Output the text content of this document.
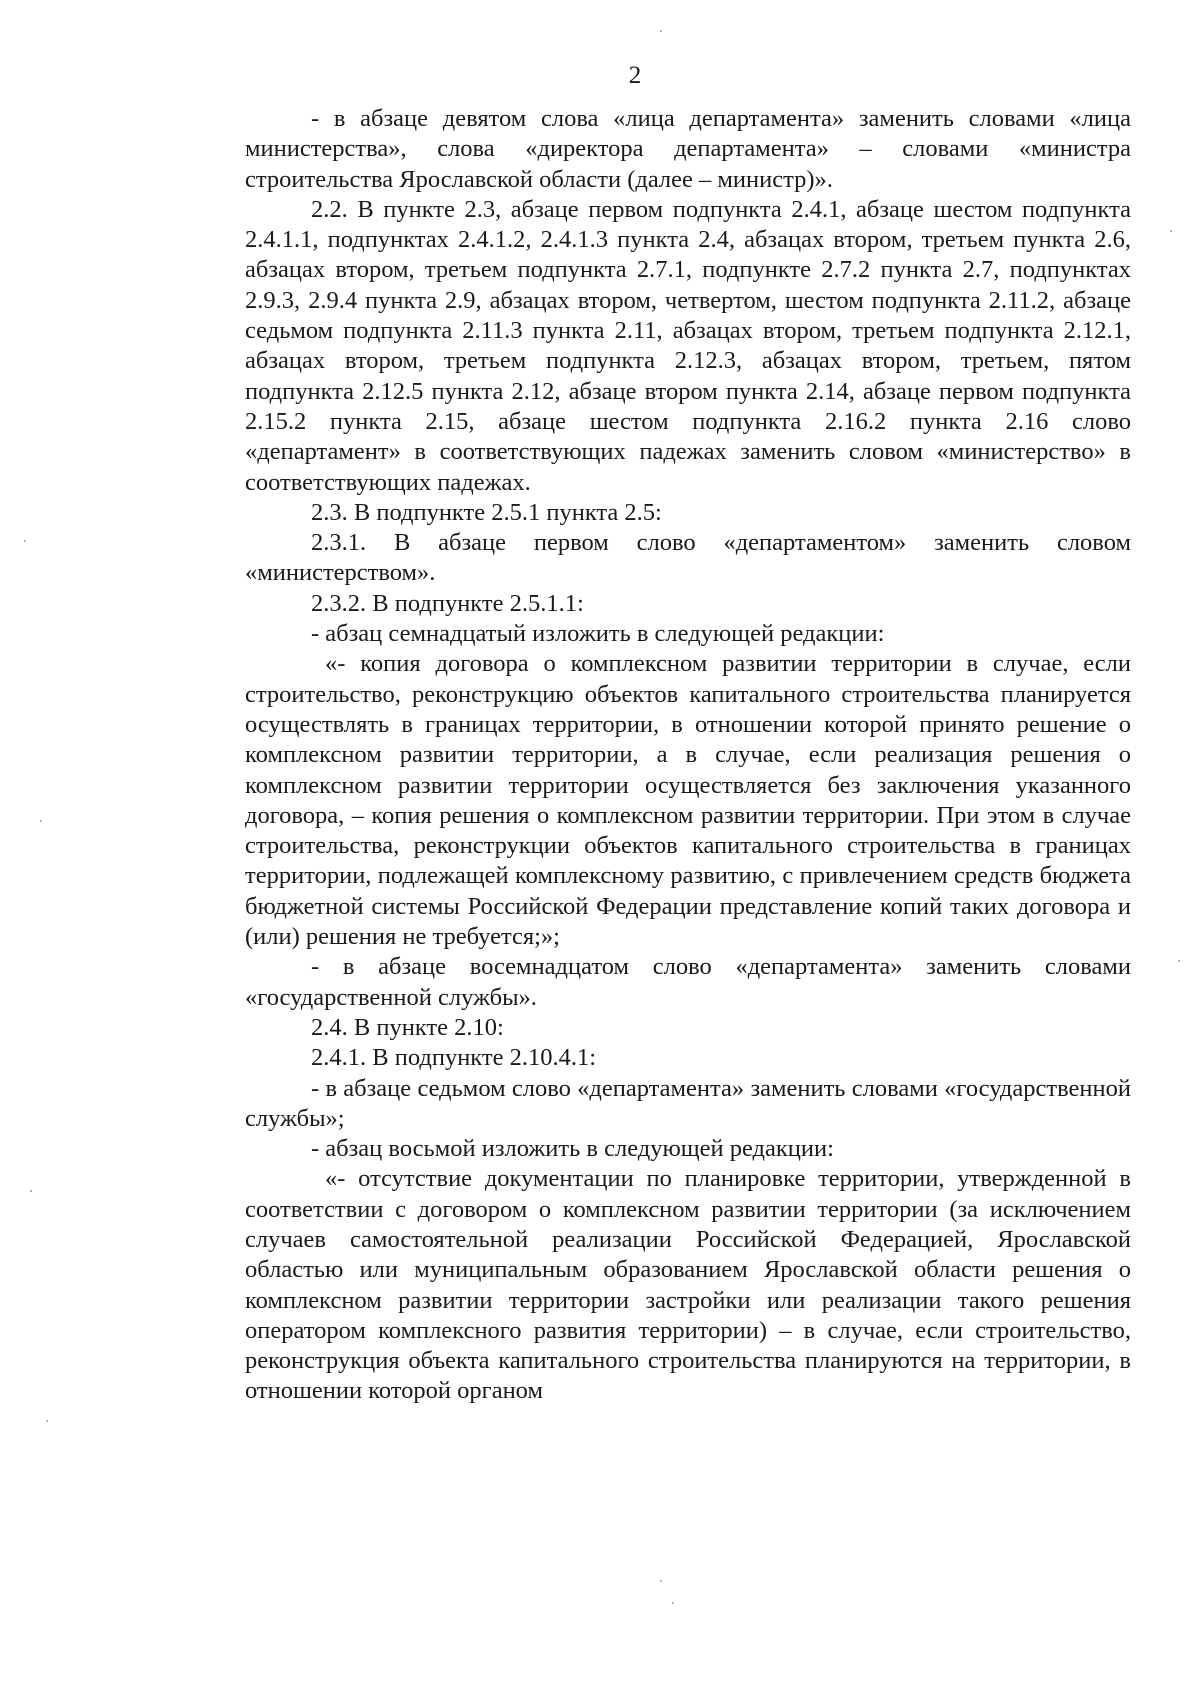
2

- в абзаце девятом слова «лица департамента» заменить словами «лица министерства», слова «директора департамента» – словами «министра строительства Ярославской области (далее – министр)».

2.2. В пункте 2.3, абзаце первом подпункта 2.4.1, абзаце шестом подпункта 2.4.1.1, подпунктах 2.4.1.2, 2.4.1.3 пункта 2.4, абзацах втором, третьем пункта 2.6, абзацах втором, третьем подпункта 2.7.1, подпункте 2.7.2 пункта 2.7, подпунктах 2.9.3, 2.9.4 пункта 2.9, абзацах втором, четвертом, шестом подпункта 2.11.2, абзаце седьмом подпункта 2.11.3 пункта 2.11, абзацах втором, третьем подпункта 2.12.1, абзацах втором, третьем подпункта 2.12.3, абзацах втором, третьем, пятом подпункта 2.12.5 пункта 2.12, абзаце втором пункта 2.14, абзаце первом подпункта 2.15.2 пункта 2.15, абзаце шестом подпункта 2.16.2 пункта 2.16 слово «департамент» в соответствующих падежах заменить словом «министерство» в соответствующих падежах.

2.3. В подпункте 2.5.1 пункта 2.5:

2.3.1. В абзаце первом слово «департаментом» заменить словом «министерством».

2.3.2. В подпункте 2.5.1.1:

- абзац семнадцатый изложить в следующей редакции:

«- копия договора о комплексном развитии территории в случае, если строительство, реконструкцию объектов капитального строительства планируется осуществлять в границах территории, в отношении которой принято решение о комплексном развитии территории, а в случае, если реализация решения о комплексном развитии территории осуществляется без заключения указанного договора, – копия решения о комплексном развитии территории. При этом в случае строительства, реконструкции объектов капитального строительства в границах территории, подлежащей комплексному развитию, с привлечением средств бюджета бюджетной системы Российской Федерации представление копий таких договора и (или) решения не требуется;»;

- в абзаце восемнадцатом слово «департамента» заменить словами «государственной службы».

2.4. В пункте 2.10:

2.4.1. В подпункте 2.10.4.1:

- в абзаце седьмом слово «департамента» заменить словами «государственной службы»;

- абзац восьмой изложить в следующей редакции:

«- отсутствие документации по планировке территории, утвержденной в соответствии с договором о комплексном развитии территории (за исключением случаев самостоятельной реализации Российской Федерацией, Ярославской областью или муниципальным образованием Ярославской области решения о комплексном развитии территории застройки или реализации такого решения оператором комплексного развития территории) – в случае, если строительство, реконструкция объекта капитального строительства планируются на территории, в отношении которой органом
